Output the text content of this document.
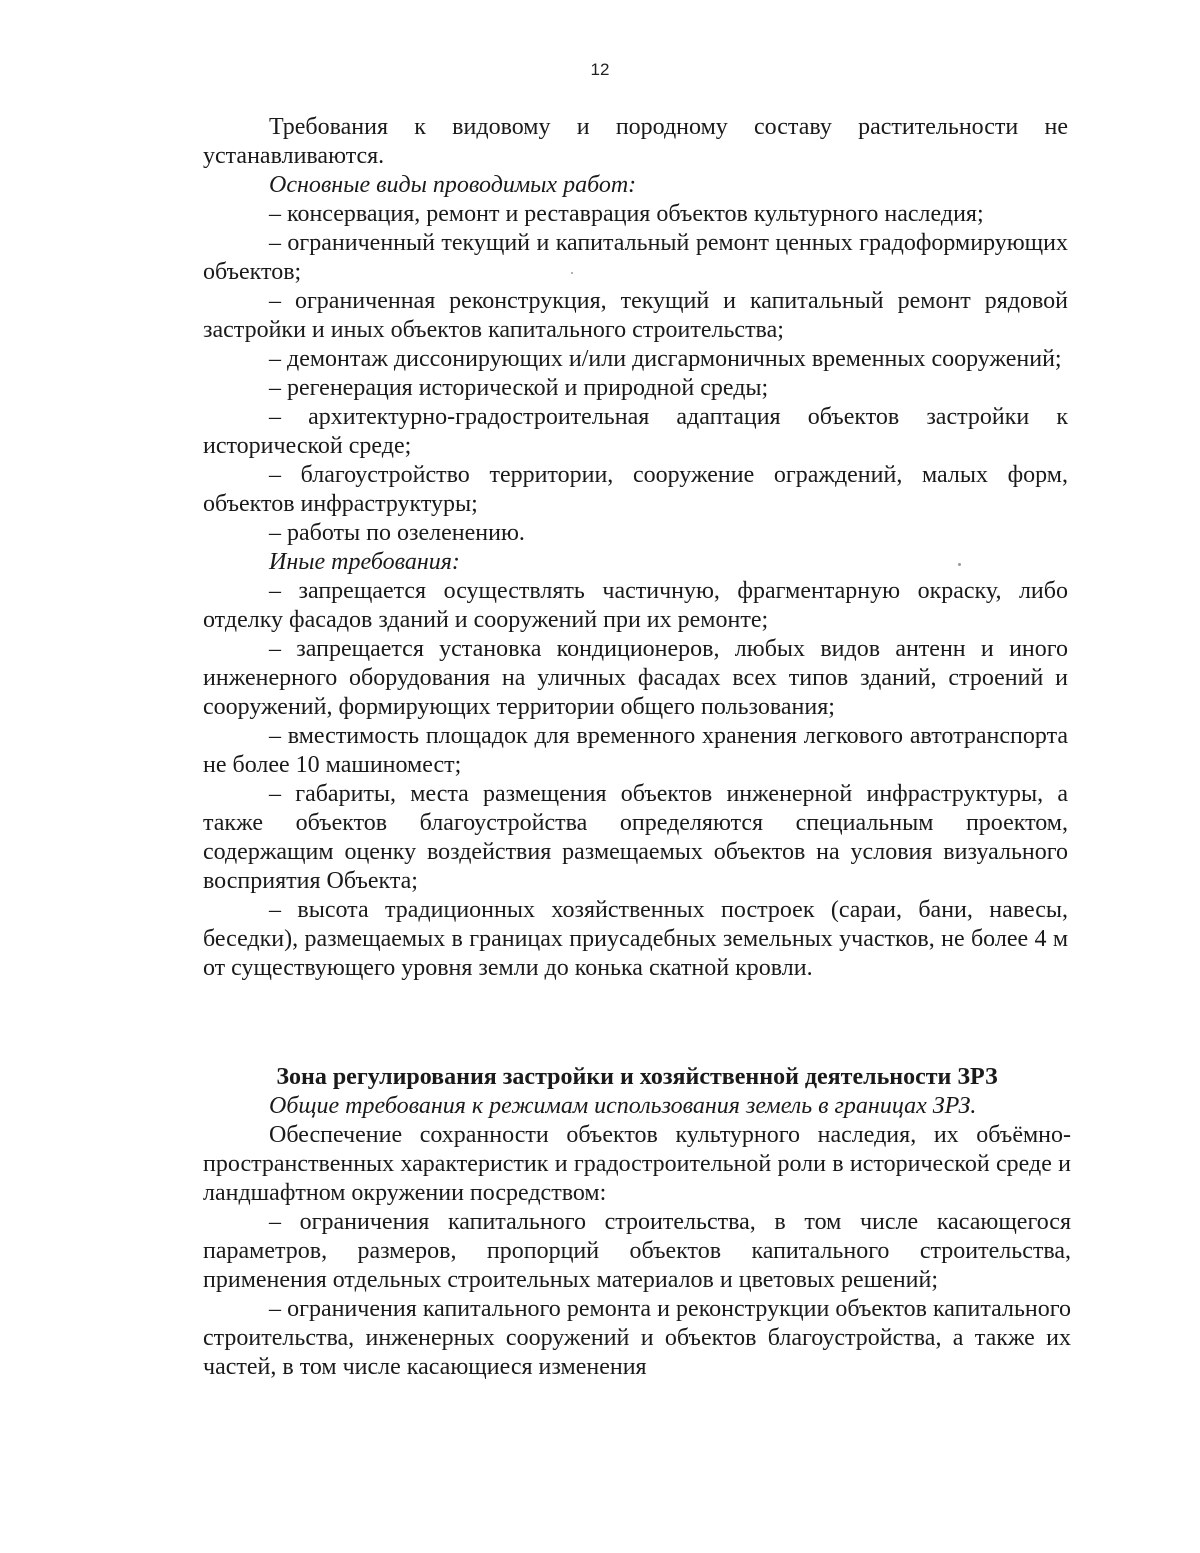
12

Требования к видовому и породному составу растительности не устанавливаются.

Основные виды проводимых работ:

– консервация, ремонт и реставрация объектов культурного наследия;

– ограниченный текущий и капитальный ремонт ценных градоформирующих объектов;

– ограниченная реконструкция, текущий и капитальный ремонт рядовой застройки и иных объектов капитального строительства;

– демонтаж диссонирующих и/или дисгармоничных временных сооружений;

– регенерация исторической и природной среды;

– архитектурно-градостроительная адаптация объектов застройки к исторической среде;

– благоустройство территории, сооружение ограждений, малых форм, объектов инфраструктуры;

– работы по озеленению.

Иные требования:

– запрещается осуществлять частичную, фрагментарную окраску, либо отделку фасадов зданий и сооружений при их ремонте;

– запрещается установка кондиционеров, любых видов антенн и иного инженерного оборудования на уличных фасадах всех типов зданий, строений и сооружений, формирующих территории общего пользования;

– вместимость площадок для временного хранения легкового автотранспорта не более 10 машиномест;

– габариты, места размещения объектов инженерной инфраструктуры, а также объектов благоустройства определяются специальным проектом, содержащим оценку воздействия размещаемых объектов на условия визуального восприятия Объекта;

– высота традиционных хозяйственных построек (сараи, бани, навесы, беседки), размещаемых в границах приусадебных земельных участков, не более 4 м от существующего уровня земли до конька скатной кровли.

Зона регулирования застройки и хозяйственной деятельности ЗРЗ

Общие требования к режимам использования земель в границах ЗРЗ.

Обеспечение сохранности объектов культурного наследия, их объёмно-пространственных характеристик и градостроительной роли в исторической среде и ландшафтном окружении посредством:

– ограничения капитального строительства, в том числе касающегося параметров, размеров, пропорций объектов капитального строительства, применения отдельных строительных материалов и цветовых решений;

– ограничения капитального ремонта и реконструкции объектов капитального строительства, инженерных сооружений и объектов благоустройства, а также их частей, в том числе касающиеся изменения
